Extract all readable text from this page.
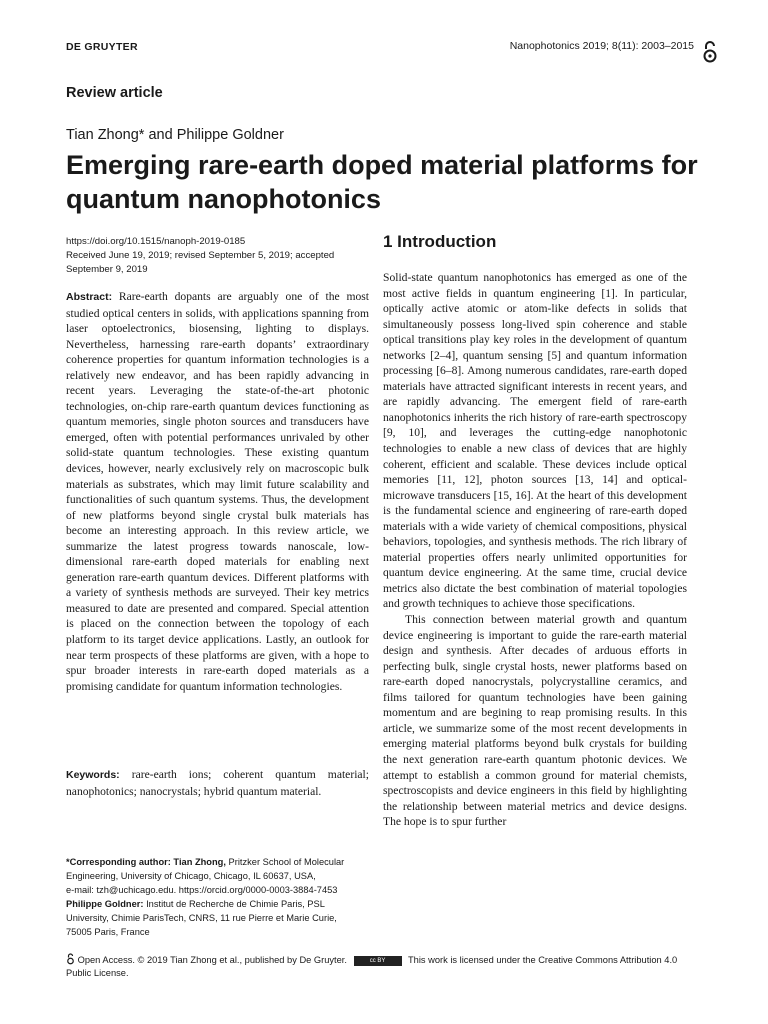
DE GRUYTER	Nanophotonics 2019; 8(11): 2003–2015
Review article
Tian Zhong* and Philippe Goldner
Emerging rare-earth doped material platforms for quantum nanophotonics
https://doi.org/10.1515/nanoph-2019-0185
Received June 19, 2019; revised September 5, 2019; accepted
September 9, 2019
Abstract: Rare-earth dopants are arguably one of the most studied optical centers in solids, with applications spanning from laser optoelectronics, biosensing, lighting to displays. Nevertheless, harnessing rare-earth dopants’ extraordinary coherence properties for quantum information technologies is a relatively new endeavor, and has been rapidly advancing in recent years. Leveraging the state-of-the-art photonic technologies, on-chip rare-earth quantum devices functioning as quantum memories, single photon sources and transducers have emerged, often with potential performances unrivaled by other solid-state quantum technologies. These existing quantum devices, however, nearly exclusively rely on macroscopic bulk materials as substrates, which may limit future scalability and functionalities of such quantum systems. Thus, the development of new platforms beyond single crystal bulk materials has become an interesting approach. In this review article, we summarize the latest progress towards nanoscale, low-dimensional rare-earth doped materials for enabling next generation rare-earth quantum devices. Different platforms with a variety of synthesis methods are surveyed. Their key metrics measured to date are presented and compared. Special attention is placed on the connection between the topology of each platform to its target device applications. Lastly, an outlook for near term prospects of these platforms are given, with a hope to spur broader interests in rare-earth doped materials as a promising candidate for quantum information technologies.
Keywords: rare-earth ions; coherent quantum material; nanophotonics; nanocrystals; hybrid quantum material.
*Corresponding author: Tian Zhong, Pritzker School of Molecular
Engineering, University of Chicago, Chicago, IL 60637, USA,
e-mail: tzh@uchicago.edu. https://orcid.org/0000-0003-3884-7453
Philippe Goldner: Institut de Recherche de Chimie Paris, PSL
University, Chimie ParisTech, CNRS, 11 rue Pierre et Marie Curie,
75005 Paris, France
Open Access. © 2019 Tian Zhong et al., published by De Gruyter.	cc BY This work is licensed under the Creative Commons Attribution 4.0
Public License.
1 Introduction

Solid-state quantum nanophotonics has emerged as one of the most active fields in quantum engineering [1]. In particular, optically active atomic or atom-like defects in solids that simultaneously possess long-lived spin coherence and stable optical transitions play key roles in the development of quantum networks [2–4], quantum sensing [5] and quantum information processing [6–8]. Among numerous candidates, rare-earth doped materials have attracted significant interests in recent years, and are rapidly advancing. The emergent field of rare-earth nanophotonics inherits the rich history of rare-earth spectroscopy [9, 10], and leverages the cutting-edge nanophotonic technologies to enable a new class of devices that are highly coherent, efficient and scalable. These devices include optical memories [11, 12], photon sources [13, 14] and optical-microwave transducers [15, 16]. At the heart of this development is the fundamental science and engineering of rare-earth doped materials with a wide variety of chemical compositions, physical behaviors, topologies, and synthesis methods. The rich library of material properties offers nearly unlimited opportunities for quantum device engineering. At the same time, crucial device metrics also dictate the best combination of material topologies and growth techniques to achieve those specifications.

This connection between material growth and quantum device engineering is important to guide the rare-earth material design and synthesis. After decades of arduous efforts in perfecting bulk, single crystal hosts, newer platforms based on rare-earth doped nanocrystals, polycrystalline ceramics, and films tailored for quantum technologies have been gaining momentum and are begining to reap promising results. In this article, we summarize some of the most recent developments in emerging material platforms beyond bulk crystals for building the next generation rare-earth quantum photonic devices. We attempt to establish a common ground for material chemists, spectroscopists and device engineers in this field by highlighting the relationship between material metrics and device designs. The hope is to spur further
